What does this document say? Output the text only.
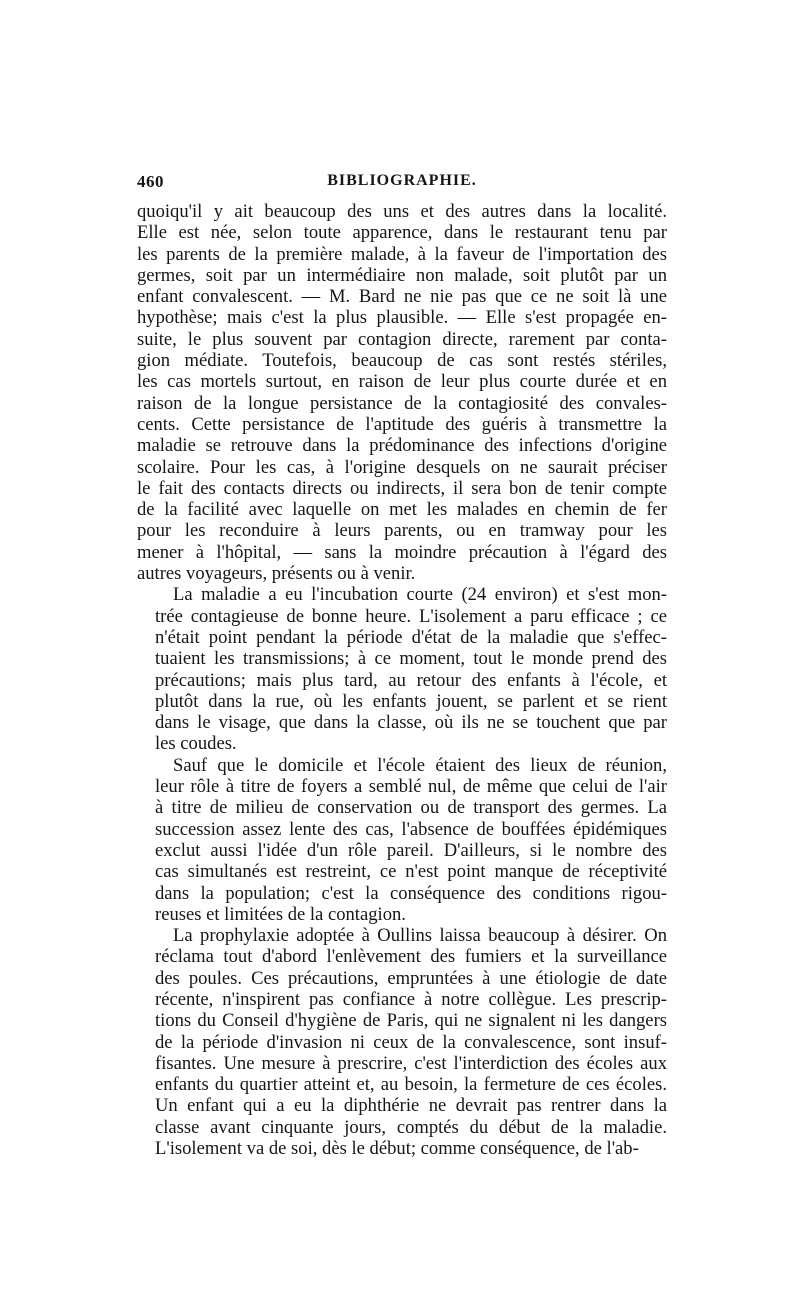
460	BIBLIOGRAPHIE.
quoiqu'il y ait beaucoup des uns et des autres dans la localité.
Elle est née, selon toute apparence, dans le restaurant tenu par
les parents de la première malade, à la faveur de l'importation des
germes, soit par un intermédiaire non malade, soit plutôt par un
enfant convalescent. — M. Bard ne nie pas que ce ne soit là une
hypothèse; mais c'est la plus plausible. — Elle s'est propagée en-
suite, le plus souvent par contagion directe, rarement par conta-
gion médiate. Toutefois, beaucoup de cas sont restés stériles,
les cas mortels surtout, en raison de leur plus courte durée et en
raison de la longue persistance de la contagiosité des convales-
cents. Cette persistance de l'aptitude des guéris à transmettre la
maladie se retrouve dans la prédominance des infections d'origine
scolaire. Pour les cas, à l'origine desquels on ne saurait préciser
le fait des contacts directs ou indirects, il sera bon de tenir compte
de la facilité avec laquelle on met les malades en chemin de fer
pour les reconduire à leurs parents, ou en tramway pour les
mener à l'hôpital, — sans la moindre précaution à l'égard des
autres voyageurs, présents ou à venir.
La maladie a eu l'incubation courte (24 environ) et s'est mon-
trée contagieuse de bonne heure. L'isolement a paru efficace ; ce
n'était point pendant la période d'état de la maladie que s'effec-
tuaient les transmissions; à ce moment, tout le monde prend des
précautions; mais plus tard, au retour des enfants à l'école, et
plutôt dans la rue, où les enfants jouent, se parlent et se rient
dans le visage, que dans la classe, où ils ne se touchent que par
les coudes.
Sauf que le domicile et l'école étaient des lieux de réunion,
leur rôle à titre de foyers a semblé nul, de même que celui de l'air
à titre de milieu de conservation ou de transport des germes. La
succession assez lente des cas, l'absence de bouffées épidémiques
exclut aussi l'idée d'un rôle pareil. D'ailleurs, si le nombre des
cas simultanés est restreint, ce n'est point manque de réceptivité
dans la population; c'est la conséquence des conditions rigou-
reuses et limitées de la contagion.
La prophylaxie adoptée à Oullins laissa beaucoup à désirer. On
réclama tout d'abord l'enlèvement des fumiers et la surveillance
des poules. Ces précautions, empruntées à une étiologie de date
récente, n'inspirent pas confiance à notre collègue. Les prescrip-
tions du Conseil d'hygiène de Paris, qui ne signalent ni les dangers
de la période d'invasion ni ceux de la convalescence, sont insuf-
fisantes. Une mesure à prescrire, c'est l'interdiction des écoles aux
enfants du quartier atteint et, au besoin, la fermeture de ces écoles.
Un enfant qui a eu la diphthérie ne devrait pas rentrer dans la
classe avant cinquante jours, comptés du début de la maladie.
L'isolement va de soi, dès le début; comme conséquence, de l'ab-
